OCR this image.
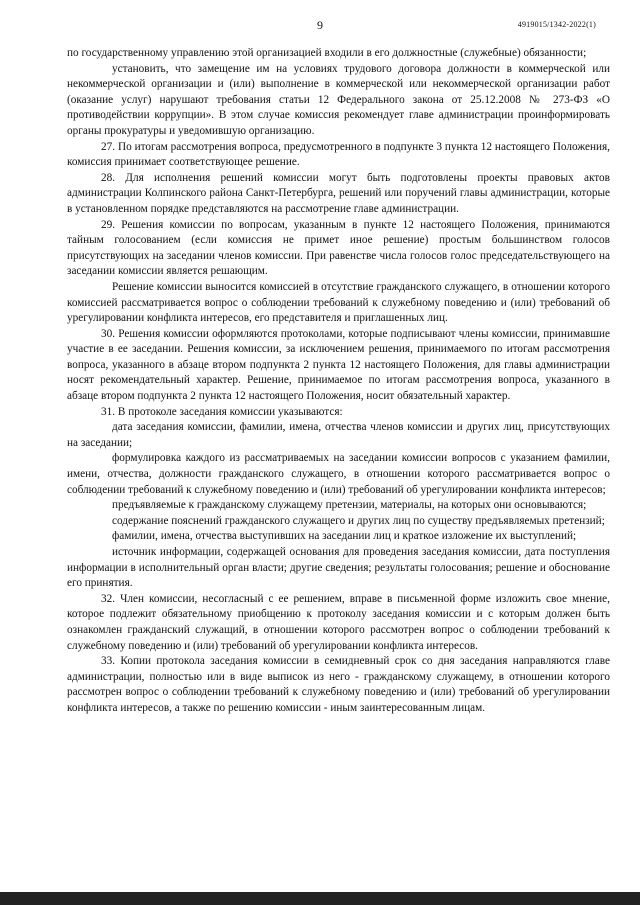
9	4919015/1342-2022(1)

по государственному управлению этой организацией входили в его должностные (служебные) обязанности;

установить, что замещение им на условиях трудового договора должности в коммерческой или некоммерческой организации и (или) выполнение в коммерческой или некоммерческой организации работ (оказание услуг) нарушают требования статьи 12 Федерального закона от 25.12.2008 № 273-ФЗ «О противодействии коррупции». В этом случае комиссия рекомендует главе администрации проинформировать органы прокуратуры и уведомившую организацию.

27. По итогам рассмотрения вопроса, предусмотренного в подпункте 3 пункта 12 настоящего Положения, комиссия принимает соответствующее решение.

28. Для исполнения решений комиссии могут быть подготовлены проекты правовых актов администрации Колпинского района Санкт-Петербурга, решений или поручений главы администрации, которые в установленном порядке представляются на рассмотрение главе администрации.

29. Решения комиссии по вопросам, указанным в пункте 12 настоящего Положения, принимаются тайным голосованием (если комиссия не примет иное решение) простым большинством голосов присутствующих на заседании членов комиссии. При равенстве числа голосов голос председательствующего на заседании комиссии является решающим.

Решение комиссии выносится комиссией в отсутствие гражданского служащего, в отношении которого комиссией рассматривается вопрос о соблюдении требований к служебному поведению и (или) требований об урегулировании конфликта интересов, его представителя и приглашенных лиц.

30. Решения комиссии оформляются протоколами, которые подписывают члены комиссии, принимавшие участие в ее заседании. Решения комиссии, за исключением решения, принимаемого по итогам рассмотрения вопроса, указанного в абзаце втором подпункта 2 пункта 12 настоящего Положения, для главы администрации носят рекомендательный характер. Решение, принимаемое по итогам рассмотрения вопроса, указанного в абзаце втором подпункта 2 пункта 12 настоящего Положения, носит обязательный характер.

31. В протоколе заседания комиссии указываются:

дата заседания комиссии, фамилии, имена, отчества членов комиссии и других лиц, присутствующих на заседании;

формулировка каждого из рассматриваемых на заседании комиссии вопросов с указанием фамилии, имени, отчества, должности гражданского служащего, в отношении которого рассматривается вопрос о соблюдении требований к служебному поведению и (или) требований об урегулировании конфликта интересов;

предъявляемые к гражданскому служащему претензии, материалы, на которых они основываются;

содержание пояснений гражданского служащего и других лиц по существу предъявляемых претензий;

фамилии, имена, отчества выступивших на заседании лиц и краткое изложение их выступлений;

источник информации, содержащей основания для проведения заседания комиссии, дата поступления информации в исполнительный орган власти; другие сведения; результаты голосования; решение и обоснование его принятия.

32. Член комиссии, несогласный с ее решением, вправе в письменной форме изложить свое мнение, которое подлежит обязательному приобщению к протоколу заседания комиссии и с которым должен быть ознакомлен гражданский служащий, в отношении которого рассмотрен вопрос о соблюдении требований к служебному поведению и (или) требований об урегулировании конфликта интересов.

33. Копии протокола заседания комиссии в семидневный срок со дня заседания направляются главе администрации, полностью или в виде выписок из него - гражданскому служащему, в отношении которого рассмотрен вопрос о соблюдении требований к служебному поведению и (или) требований об урегулировании конфликта интересов, а также по решению комиссии - иным заинтересованным лицам.
